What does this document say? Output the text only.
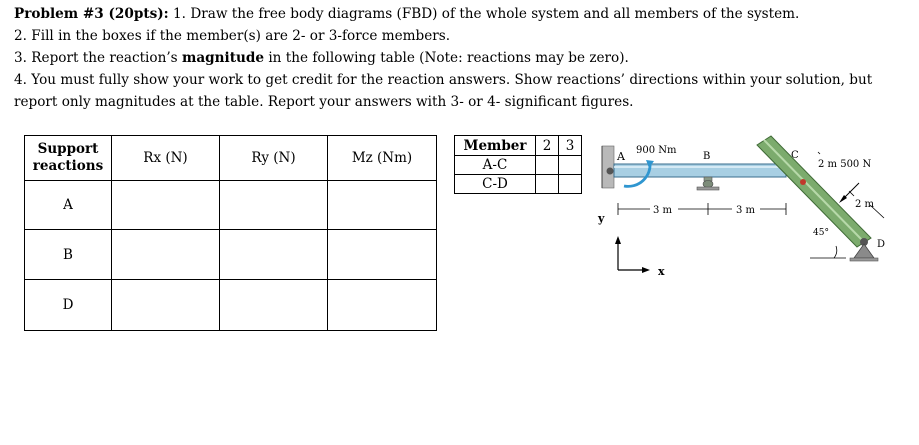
Problem #3 (20pts): 1. Draw the free body diagrams (FBD) of the whole system and all members of the system.

2. Fill in the boxes if the member(s) are 2- or 3-force members.

3. Report the reaction’s magnitude in the following table (Note: reactions may be zero).

4. You must fully show your work to get credit for the reaction answers. Show reactions’ directions within your solution, but report only magnitudes at the table. Report your answers with 3- or 4- significant figures.

Support
reactions	Rx (N)	Ry (N)	Mz (Nm)
A			
B			
D			
Member	2	3
A-C		
C-D		
A 900 Nm
B	C
D
2 m 500 N
3 m	3 m
2 m
45°
y
x
